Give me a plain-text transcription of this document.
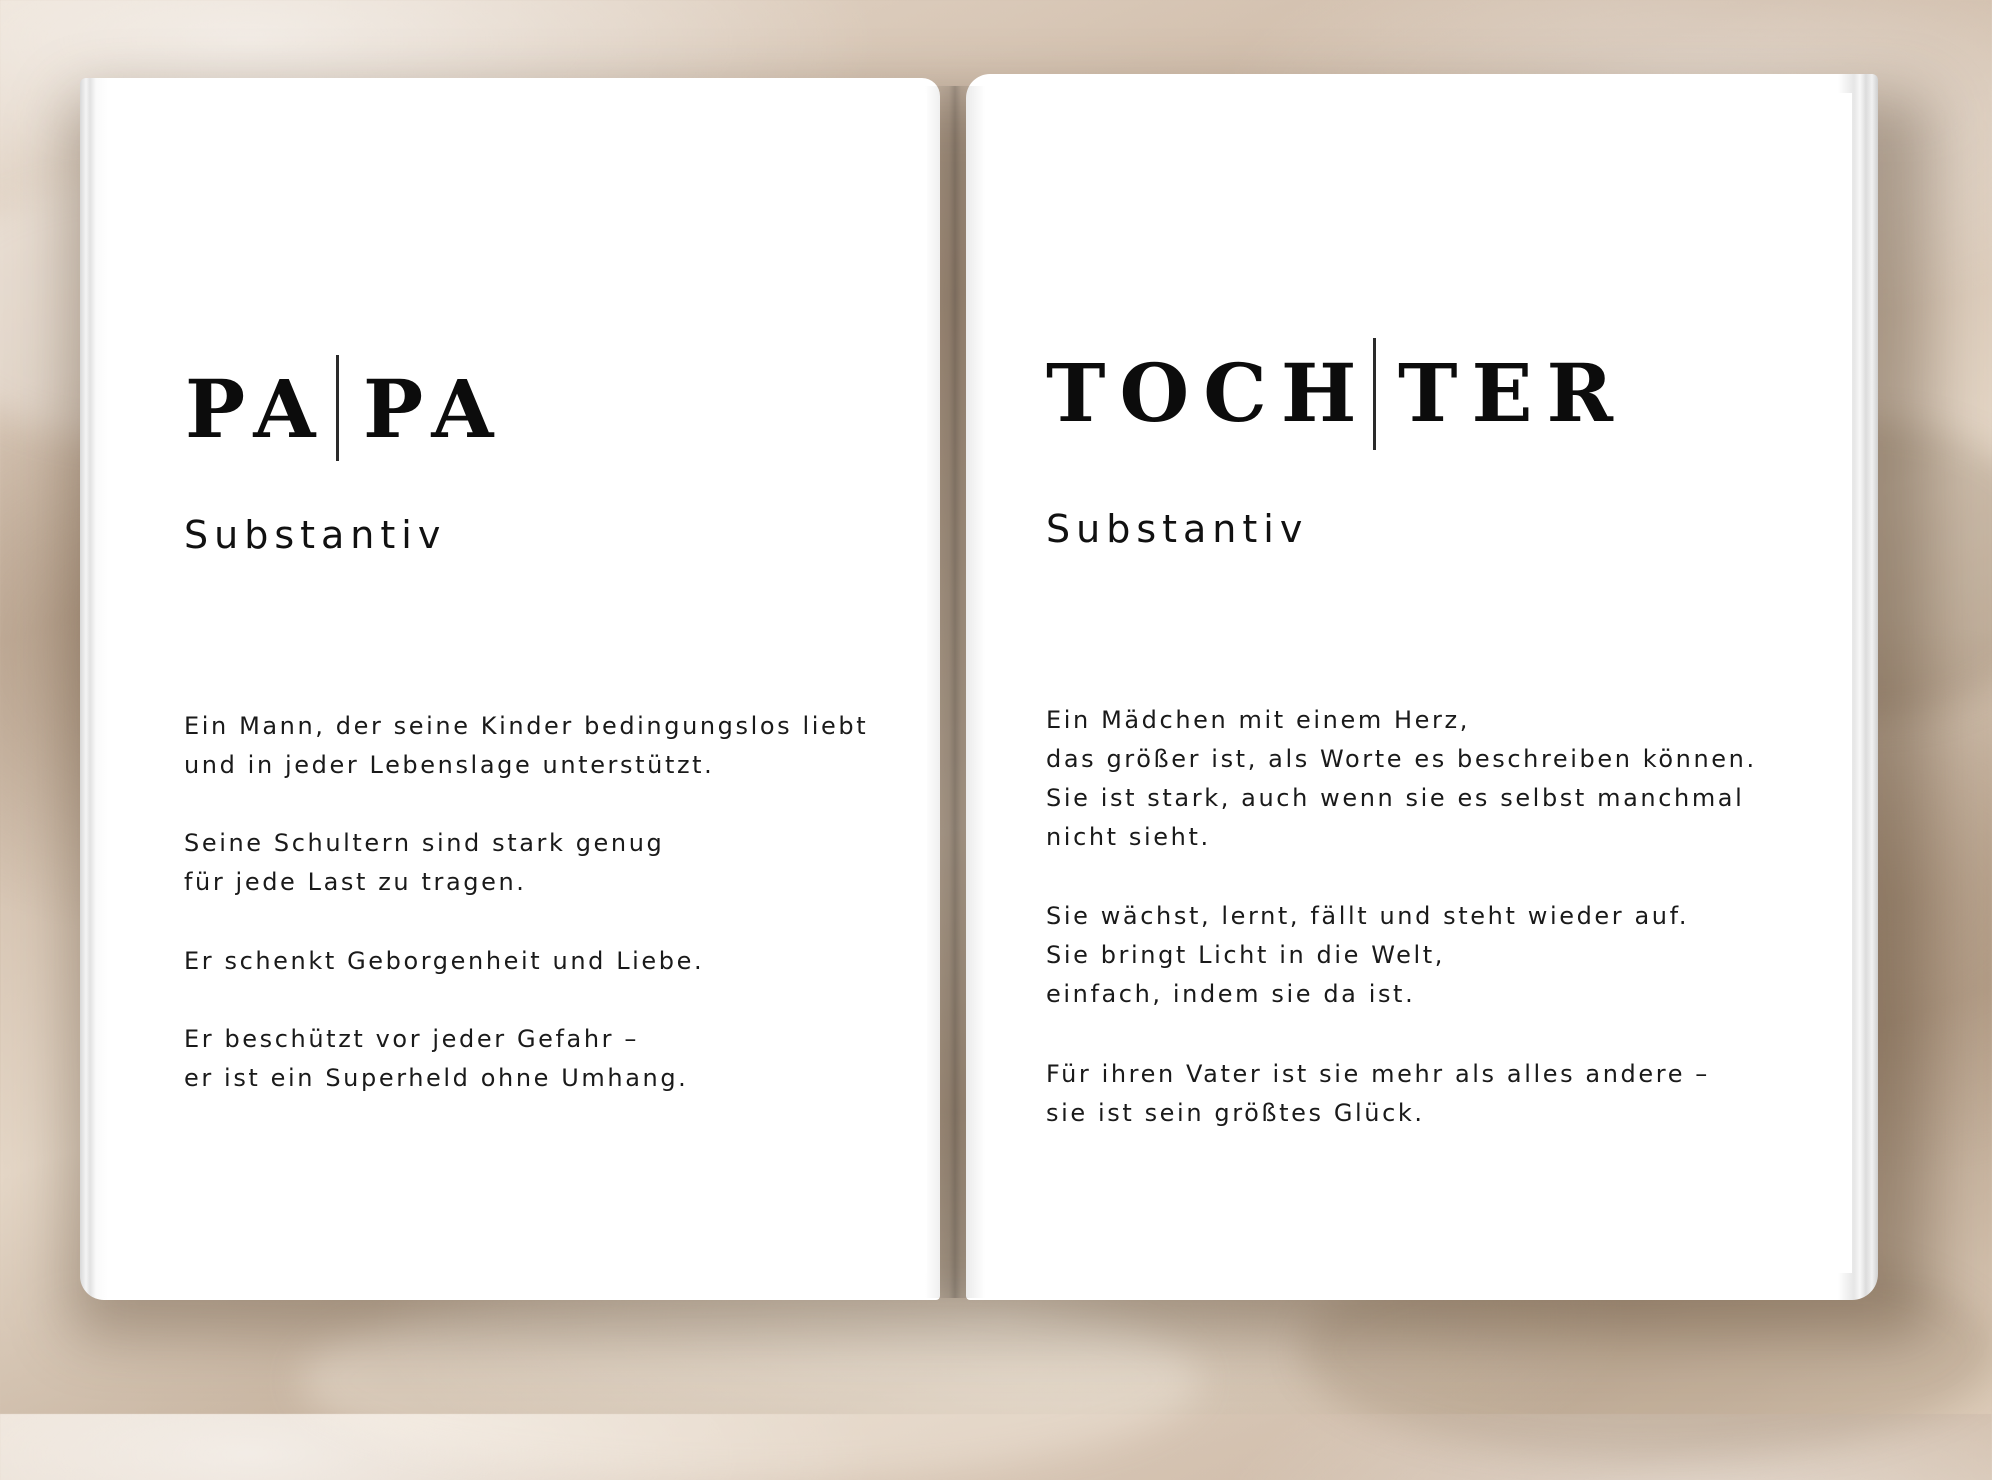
PA PA
Substantiv

Ein Mann, der seine Kinder bedingungslos liebt
und in jeder Lebenslage unterstützt.

Seine Schultern sind stark genug
für jede Last zu tragen.

Er schenkt Geborgenheit und Liebe.

Er beschützt vor jeder Gefahr –
er ist ein Superheld ohne Umhang.

TOCH TER
Substantiv

Ein Mädchen mit einem Herz,
das größer ist, als Worte es beschreiben können.
Sie ist stark, auch wenn sie es selbst manchmal
nicht sieht.

Sie wächst, lernt, fällt und steht wieder auf.
Sie bringt Licht in die Welt,
einfach, indem sie da ist.

Für ihren Vater ist sie mehr als alles andere –
sie ist sein größtes Glück.
